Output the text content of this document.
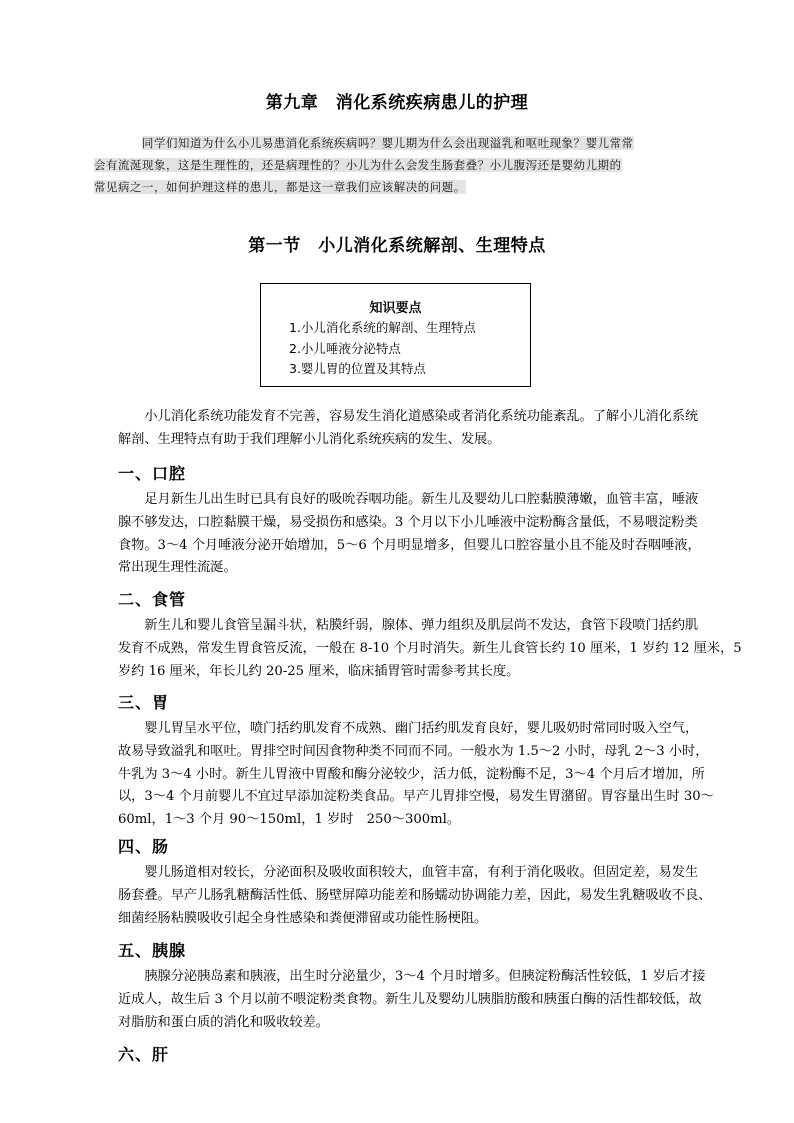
第九章　消化系统疾病患儿的护理
同学们知道为什么小儿易患消化系统疾病吗？婴儿期为什么会出现溢乳和呕吐现象？婴儿常常
会有流涎现象，这是生理性的，还是病理性的？小儿为什么会发生肠套叠？小儿腹泻还是婴幼儿期的
常见病之一，如何护理这样的患儿，都是这一章我们应该解决的问题。
第一节　小儿消化系统解剖、生理特点
知识要点
1.小儿消化系统的解剖、生理特点
2.小儿唾液分泌特点
3.婴儿胃的位置及其特点
　　小儿消化系统功能发育不完善，容易发生消化道感染或者消化系统功能紊乱。了解小儿消化系统
解剖、生理特点有助于我们理解小儿消化系统疾病的发生、发展。
一、口腔
　　足月新生儿出生时已具有良好的吸吮吞咽功能。新生儿及婴幼儿口腔黏膜薄嫩，血管丰富，唾液
腺不够发达，口腔黏膜干燥，易受损伤和感染。3 个月以下小儿唾液中淀粉酶含量低，不易喂淀粉类
食物。3～4 个月唾液分泌开始增加，5～6 个月明显增多，但婴儿口腔容量小且不能及时吞咽唾液，
常出现生理性流涎。
二、食管
　　新生儿和婴儿食管呈漏斗状，粘膜纤弱，腺体、弹力组织及肌层尚不发达，食管下段喷门括约肌
发育不成熟，常发生胃食管反流，一般在 8-10 个月时消失。新生儿食管长约 10 厘米，1 岁约 12 厘米，5
岁约 16 厘米，年长儿约 20-25 厘米，临床插胃管时需参考其长度。
三、胃
　　婴儿胃呈水平位，喷门括约肌发育不成熟、幽门括约肌发育良好，婴儿吸奶时常同时吸入空气，
故易导致溢乳和呕吐。胃排空时间因食物种类不同而不同。一般水为 1.5～2 小时，母乳 2～3 小时，
牛乳为 3～4 小时。新生儿胃液中胃酸和酶分泌较少，活力低，淀粉酶不足，3～4 个月后才增加，所
以，3～4 个月前婴儿不宜过早添加淀粉类食品。早产儿胃排空慢，易发生胃潴留。胃容量出生时 30～
60ml，1～3 个月 90～150ml，1 岁时　250～300ml。
四、肠
　　婴儿肠道相对较长，分泌面积及吸收面积较大，血管丰富，有利于消化吸收。但固定差，易发生
肠套叠。早产儿肠乳糖酶活性低、肠壁屏障功能差和肠蠕动协调能力差，因此，易发生乳糖吸收不良、
细菌经肠粘膜吸收引起全身性感染和粪便滞留或功能性肠梗阻。
五、胰腺
　　胰腺分泌胰岛素和胰液，出生时分泌量少，3～4 个月时增多。但胰淀粉酶活性较低，1 岁后才接
近成人，故生后 3 个月以前不喂淀粉类食物。新生儿及婴幼儿胰脂肪酸和胰蛋白酶的活性都较低，故
对脂肪和蛋白质的消化和吸收较差。
六、肝
